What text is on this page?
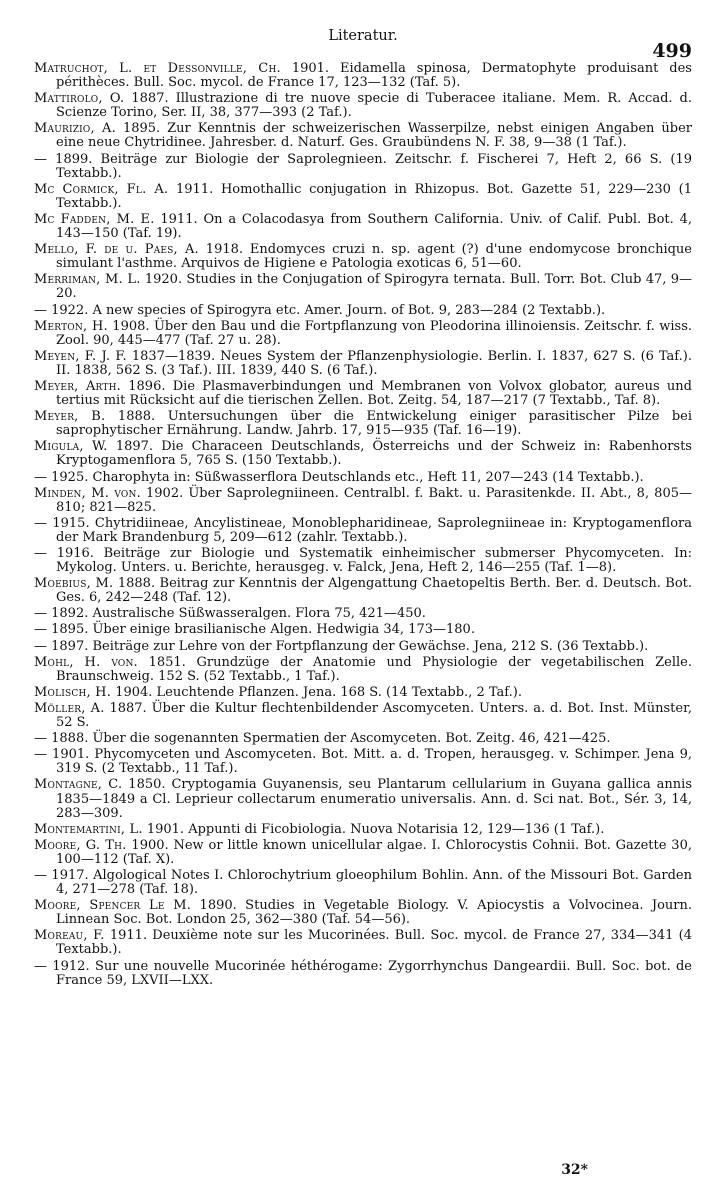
Literatur.
499

Matruchot, L. et Dessonville, Ch. 1901. Eidamella spinosa, Dermatophyte produisant des périthèces. Bull. Soc. mycol. de France 17, 123—132 (Taf. 5).

Mattirolo, O. 1887. Illustrazione di tre nuove specie di Tuberacee italiane. Mem. R. Accad. d. Scienze Torino, Ser. II, 38, 377—393 (2 Taf.).

Maurizio, A. 1895. Zur Kenntnis der schweizerischen Wasserpilze, nebst einigen Angaben über eine neue Chytridinee. Jahresber. d. Naturf. Ges. Graubündens N. F. 38, 9—38 (1 Taf.).

— 1899. Beiträge zur Biologie der Saprolegnieen. Zeitschr. f. Fischerei 7, Heft 2, 66 S. (19 Textabb.).

Mc Cormick, Fl. A. 1911. Homothallic conjugation in Rhizopus. Bot. Gazette 51, 229—230 (1 Textabb.).

Mc Fadden, M. E. 1911. On a Colacodasya from Southern California. Univ. of Calif. Publ. Bot. 4, 143—150 (Taf. 19).

Mello, F. de u. Paes, A. 1918. Endomyces cruzi n. sp. agent (?) d'une endomycose bronchique simulant l'asthme. Arquivos de Higiene e Patologia exoticas 6, 51—60.

Merriman, M. L. 1920. Studies in the Conjugation of Spirogyra ternata. Bull. Torr. Bot. Club 47, 9—20.

— 1922. A new species of Spirogyra etc. Amer. Journ. of Bot. 9, 283—284 (2 Textabb.).

Merton, H. 1908. Über den Bau und die Fortpflanzung von Pleodorina illinoiensis. Zeitschr. f. wiss. Zool. 90, 445—477 (Taf. 27 u. 28).

Meyen, F. J. F. 1837—1839. Neues System der Pflanzenphysiologie. Berlin. I. 1837, 627 S. (6 Taf.). II. 1838, 562 S. (3 Taf.). III. 1839, 440 S. (6 Taf.).

Meyer, Arth. 1896. Die Plasmaverbindungen und Membranen von Volvox globator, aureus und tertius mit Rücksicht auf die tierischen Zellen. Bot. Zeitg. 54, 187—217 (7 Textabb., Taf. 8).

Meyer, B. 1888. Untersuchungen über die Entwickelung einiger parasitischer Pilze bei saprophytischer Ernährung. Landw. Jahrb. 17, 915—935 (Taf. 16—19).

Migula, W. 1897. Die Characeen Deutschlands, Österreichs und der Schweiz in: Rabenhorsts Kryptogamenflora 5, 765 S. (150 Textabb.).

— 1925. Charophyta in: Süßwasserflora Deutschlands etc., Heft 11, 207—243 (14 Textabb.).

Minden, M. von. 1902. Über Saprolegniineen. Centralbl. f. Bakt. u. Parasitenkde. II. Abt., 8, 805—810; 821—825.

— 1915. Chytridiineae, Ancylistineae, Monoblepharidineae, Saprolegniineae in: Kryptogamenflora der Mark Brandenburg 5, 209—612 (zahlr. Textabb.).

— 1916. Beiträge zur Biologie und Systematik einheimischer submerser Phycomyceten. In: Mykolog. Unters. u. Berichte, herausgeg. v. Falck, Jena, Heft 2, 146—255 (Taf. 1—8).

Moebius, M. 1888. Beitrag zur Kenntnis der Algengattung Chaetopeltis Berth. Ber. d. Deutsch. Bot. Ges. 6, 242—248 (Taf. 12).

— 1892. Australische Süßwasseralgen. Flora 75, 421—450.

— 1895. Über einige brasilianische Algen. Hedwigia 34, 173—180.

— 1897. Beiträge zur Lehre von der Fortpflanzung der Gewächse. Jena, 212 S. (36 Textabb.).

Mohl, H. von. 1851. Grundzüge der Anatomie und Physiologie der vegetabilischen Zelle. Braunschweig. 152 S. (52 Textabb., 1 Taf.).

Molisch, H. 1904. Leuchtende Pflanzen. Jena. 168 S. (14 Textabb., 2 Taf.).

Möller, A. 1887. Über die Kultur flechtenbildender Ascomyceten. Unters. a. d. Bot. Inst. Münster, 52 S.

— 1888. Über die sogenannten Spermatien der Ascomyceten. Bot. Zeitg. 46, 421—425.

— 1901. Phycomyceten und Ascomyceten. Bot. Mitt. a. d. Tropen, herausgeg. v. Schimper. Jena 9, 319 S. (2 Textabb., 11 Taf.).

Montagne, C. 1850. Cryptogamia Guyanensis, seu Plantarum cellularium in Guyana gallica annis 1835—1849 a Cl. Leprieur collectarum enumeratio universalis. Ann. d. Sci nat. Bot., Sér. 3, 14, 283—309.

Montemartini, L. 1901. Appunti di Ficobiologia. Nuova Notarisia 12, 129—136 (1 Taf.).

Moore, G. Th. 1900. New or little known unicellular algae. I. Chlorocystis Cohnii. Bot. Gazette 30, 100—112 (Taf. X).

— 1917. Algological Notes I. Chlorochytrium gloeophilum Bohlin. Ann. of the Missouri Bot. Garden 4, 271—278 (Taf. 18).

Moore, Spencer Le M. 1890. Studies in Vegetable Biology. V. Apiocystis a Volvocinea. Journ. Linnean Soc. Bot. London 25, 362—380 (Taf. 54—56).

Moreau, F. 1911. Deuxième note sur les Mucorinées. Bull. Soc. mycol. de France 27, 334—341 (4 Textabb.).

— 1912. Sur une nouvelle Mucorinée héthérogame: Zygorrhynchus Dangeardii. Bull. Soc. bot. de France 59, LXVII—LXX.

32*
